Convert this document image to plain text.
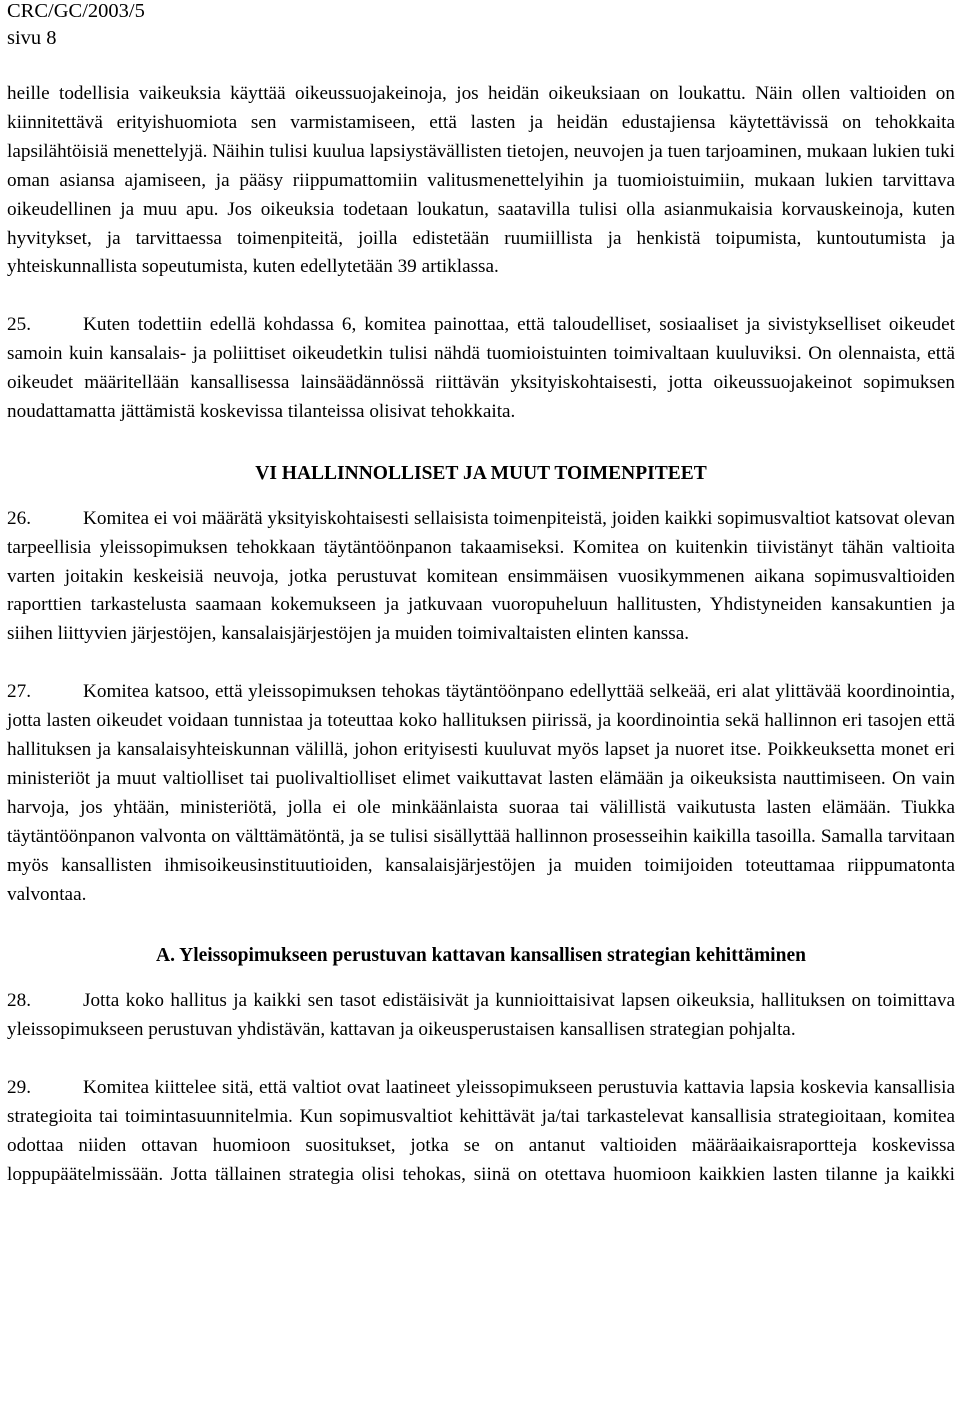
CRC/GC/2003/5
sivu 8

heille todellisia vaikeuksia käyttää oikeussuojakeinoja, jos heidän oikeuksiaan on loukattu. Näin ollen valtioiden on kiinnitettävä erityishuomiota sen varmistamiseen, että lasten ja heidän edustajiensa käytettävissä on tehokkaita lapsilähtöisiä menettelyjä. Näihin tulisi kuulua lapsiystävällisten tietojen, neuvojen ja tuen tarjoaminen, mukaan lukien tuki oman asiansa ajamiseen, ja pääsy riippumattomiin valitusmenettelyihin ja tuomioistuimiin, mukaan lukien tarvittava oikeudellinen ja muu apu. Jos oikeuksia todetaan loukatun, saatavilla tulisi olla asianmukaisia korvauskeinoja, kuten hyvitykset, ja tarvittaessa toimenpiteitä, joilla edistetään ruumiillista ja henkistä toipumista, kuntoutumista ja yhteiskunnallista sopeutumista, kuten edellytetään 39 artiklassa.

25.	Kuten todettiin edellä kohdassa 6, komitea painottaa, että taloudelliset, sosiaaliset ja sivistykselliset oikeudet samoin kuin kansalais- ja poliittiset oikeudetkin tulisi nähdä tuomioistuinten toimivaltaan kuuluviksi. On olennaista, että oikeudet määritellään kansallisessa lainsäädännössä riittävän yksityiskohtaisesti, jotta oikeussuojakeinot sopimuksen noudattamatta jättämistä koskevissa tilanteissa olisivat tehokkaita.

VI HALLINNOLLISET JA MUUT TOIMENPITEET

26.	Komitea ei voi määrätä yksityiskohtaisesti sellaisista toimenpiteistä, joiden kaikki sopimusvaltiot katsovat olevan tarpeellisia yleissopimuksen tehokkaan täytäntöönpanon takaamiseksi. Komitea on kuitenkin tiivistänyt tähän valtioita varten joitakin keskeisiä neuvoja, jotka perustuvat komitean ensimmäisen vuosikymmenen aikana sopimusvaltioiden raporttien tarkastelusta saamaan kokemukseen ja jatkuvaan vuoropuheluun hallitusten, Yhdistyneiden kansakuntien ja siihen liittyvien järjestöjen, kansalaisjärjestöjen ja muiden toimivaltaisten elinten kanssa.

27.	Komitea katsoo, että yleissopimuksen tehokas täytäntöönpano edellyttää selkeää, eri alat ylittävää koordinointia, jotta lasten oikeudet voidaan tunnistaa ja toteuttaa koko hallituksen piirissä, ja koordinointia sekä hallinnon eri tasojen että hallituksen ja kansalaisyhteiskunnan välillä, johon erityisesti kuuluvat myös lapset ja nuoret itse. Poikkeuksetta monet eri ministeriöt ja muut valtiolliset tai puolivaltiolliset elimet vaikuttavat lasten elämään ja oikeuksista nauttimiseen. On vain harvoja, jos yhtään, ministeriötä, jolla ei ole minkäänlaista suoraa tai välillistä vaikutusta lasten elämään. Tiukka täytäntöönpanon valvonta on välttämätöntä, ja se tulisi sisällyttää hallinnon prosesseihin kaikilla tasoilla. Samalla tarvitaan myös kansallisten ihmisoikeusinstituutioiden, kansalaisjärjestöjen ja muiden toimijoiden toteuttamaa riippumatonta valvontaa.

A. Yleissopimukseen perustuvan kattavan kansallisen strategian kehittäminen

28.	Jotta koko hallitus ja kaikki sen tasot edistäisivät ja kunnioittaisivat lapsen oikeuksia, hallituksen on toimittava yleissopimukseen perustuvan yhdistävän, kattavan ja oikeusperustaisen kansallisen strategian pohjalta.

29.	Komitea kiittelee sitä, että valtiot ovat laatineet yleissopimukseen perustuvia kattavia lapsia koskevia kansallisia strategioita tai toimintasuunnitelmia. Kun sopimusvaltiot kehittävät ja/tai tarkastelevat kansallisia strategioitaan, komitea odottaa niiden ottavan huomioon suositukset, jotka se on antanut valtioiden määräaikaisraporttеja koskevissa loppupäätelmissään. Jotta tällainen strategia olisi tehokas, siinä on otettava huomioon kaikkien lasten tilanne ja kaikki
